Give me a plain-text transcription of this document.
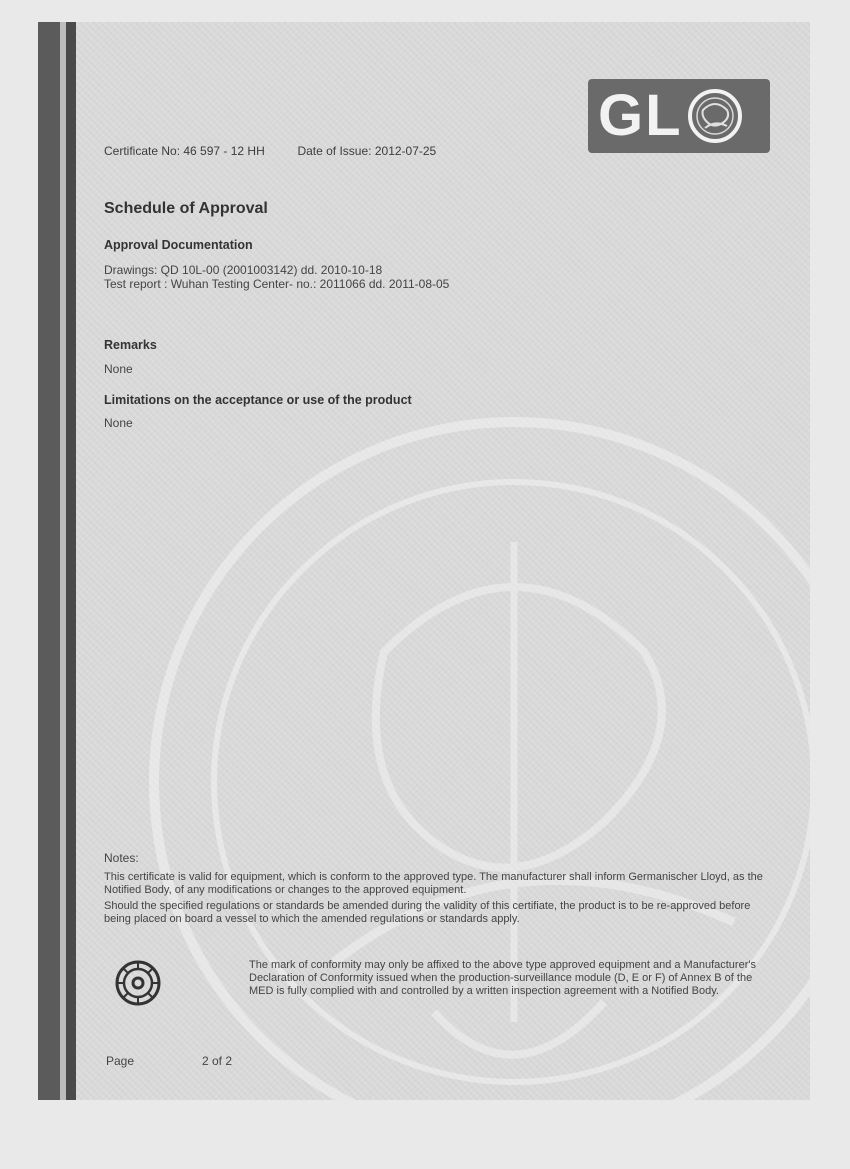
GL
Certificate No: 46 597 - 12 HH	Date of Issue: 2012-07-25
Schedule of Approval
Approval Documentation
Drawings: QD 10L-00 (2001003142) dd. 2010-10-18
Test report : Wuhan Testing Center- no.: 2011066 dd. 2011-08-05
Remarks
None
Limitations on the acceptance or use of the product
None

Notes:

This certificate is valid for equipment, which is conform to the approved type. The manufacturer shall inform Germanischer Lloyd, as the Notified Body, of any modifications or changes to the approved equipment.

Should the specified regulations or standards be amended during the validity of this certifiate, the product is to be re-approved before being placed on board a vessel to which the amended regulations or standards apply.

The mark of conformity may only be affixed to the above type approved equipment and a Manufacturer's Declaration of Conformity issued when the production-surveillance module (D, E or F) of Annex B of the MED is fully complied with and controlled by a written inspection agreement with a Notified Body.
Page	2 of 2
